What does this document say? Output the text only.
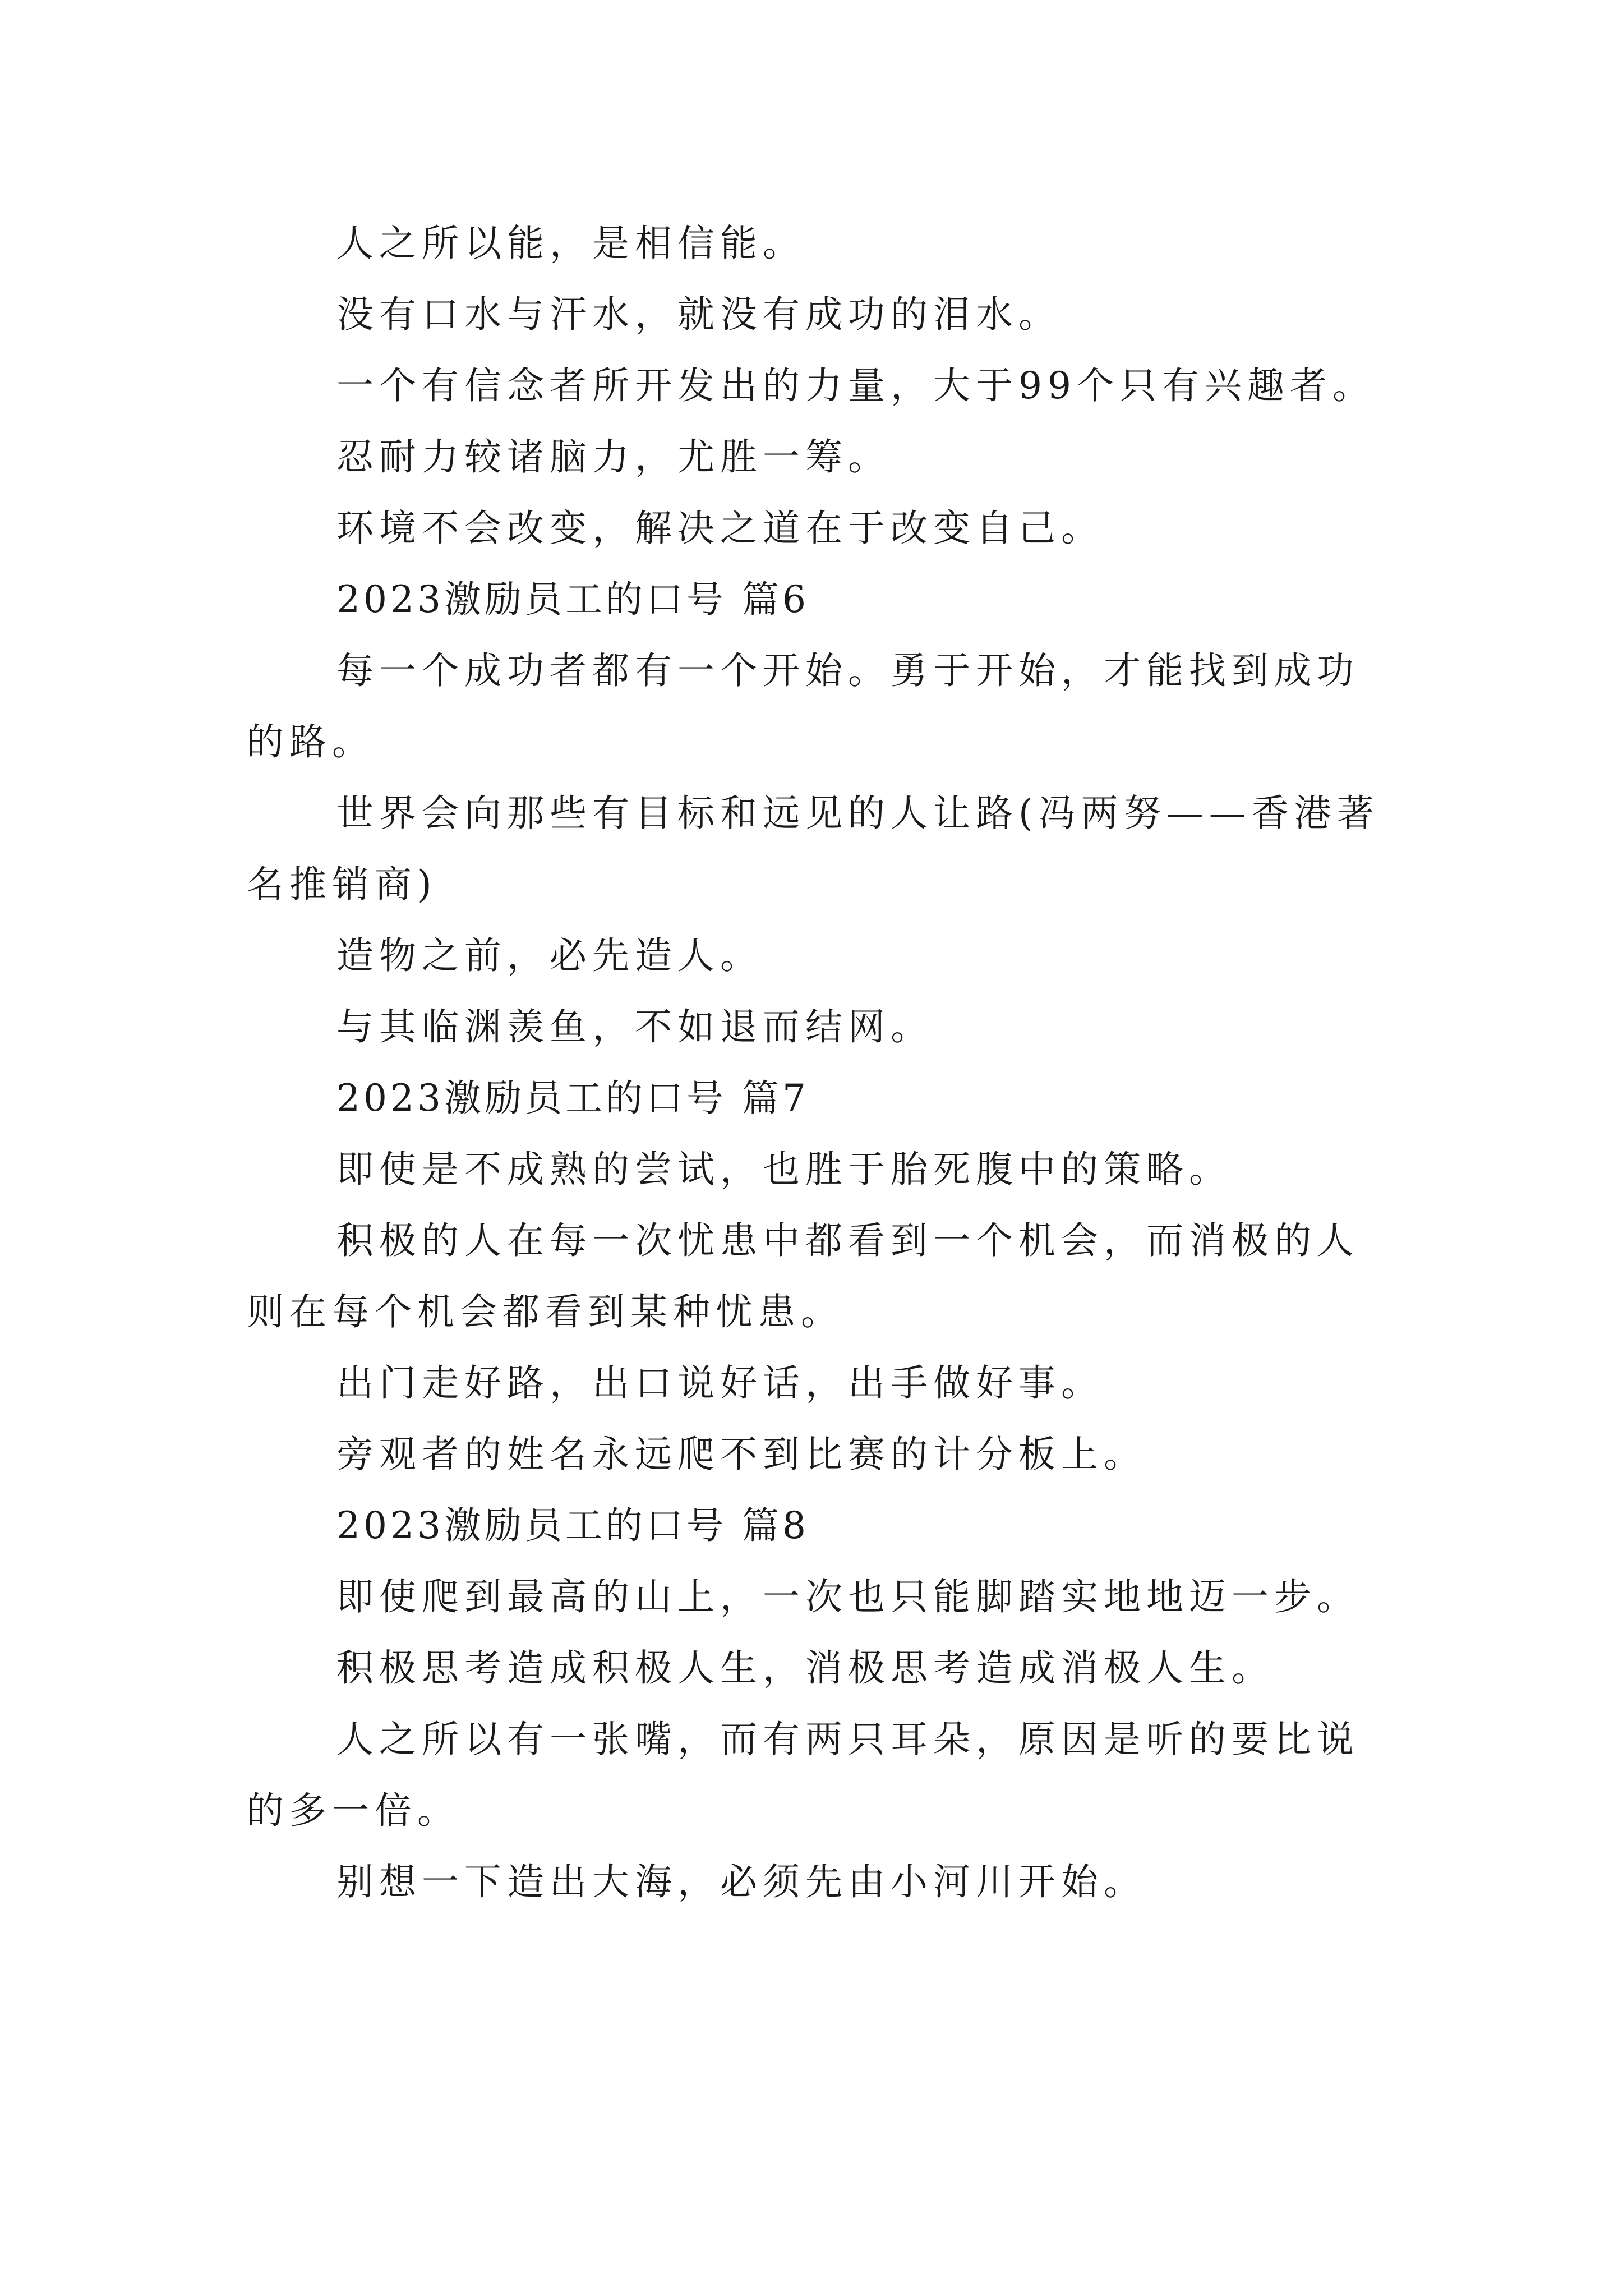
人之所以能，是相信能。

没有口水与汗水，就没有成功的泪水。

一个有信念者所开发出的力量，大于99个只有兴趣者。

忍耐力较诸脑力，尤胜一筹。

环境不会改变，解决之道在于改变自己。

2023激励员工的口号 篇6

每一个成功者都有一个开始。勇于开始，才能找到成功的路。

世界会向那些有目标和远见的人让路(冯两努——香港著名推销商)

造物之前，必先造人。

与其临渊羡鱼，不如退而结网。

2023激励员工的口号 篇7

即使是不成熟的尝试，也胜于胎死腹中的策略。

积极的人在每一次忧患中都看到一个机会，而消极的人则在每个机会都看到某种忧患。

出门走好路，出口说好话，出手做好事。

旁观者的姓名永远爬不到比赛的计分板上。

2023激励员工的口号 篇8

即使爬到最高的山上，一次也只能脚踏实地地迈一步。

积极思考造成积极人生，消极思考造成消极人生。

人之所以有一张嘴，而有两只耳朵，原因是听的要比说的多一倍。

别想一下造出大海，必须先由小河川开始。
